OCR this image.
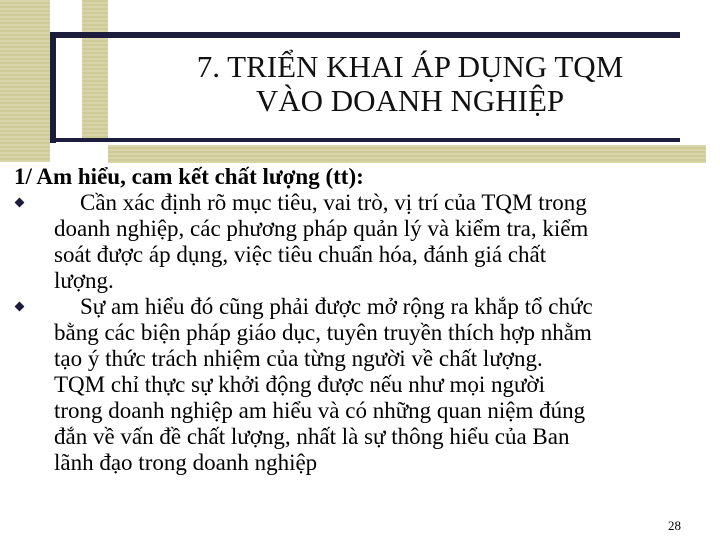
7. TRIỂN KHAI ÁP DỤNG TQM
VÀO DOANH NGHIỆP

1/ Am hiểu, cam kết chất lượng (tt):

Cần xác định rõ mục tiêu, vai trò, vị trí của TQM trong
doanh nghiệp, các phương pháp quản lý và kiểm tra, kiểm
soát được áp dụng, việc tiêu chuẩn hóa, đánh giá chất
lượng.
Sự am hiểu đó cũng phải được mở rộng ra khắp tổ chức
bằng các biện pháp giáo dục, tuyên truyền thích hợp nhằm
tạo ý thức trách nhiệm của từng người về chất lượng.
TQM chỉ thực sự khởi động được nếu như mọi người
trong doanh nghiệp am hiểu và có những quan niệm đúng
đắn về vấn đề chất lượng, nhất là sự thông hiểu của Ban
lãnh đạo trong doanh nghiệp
28
